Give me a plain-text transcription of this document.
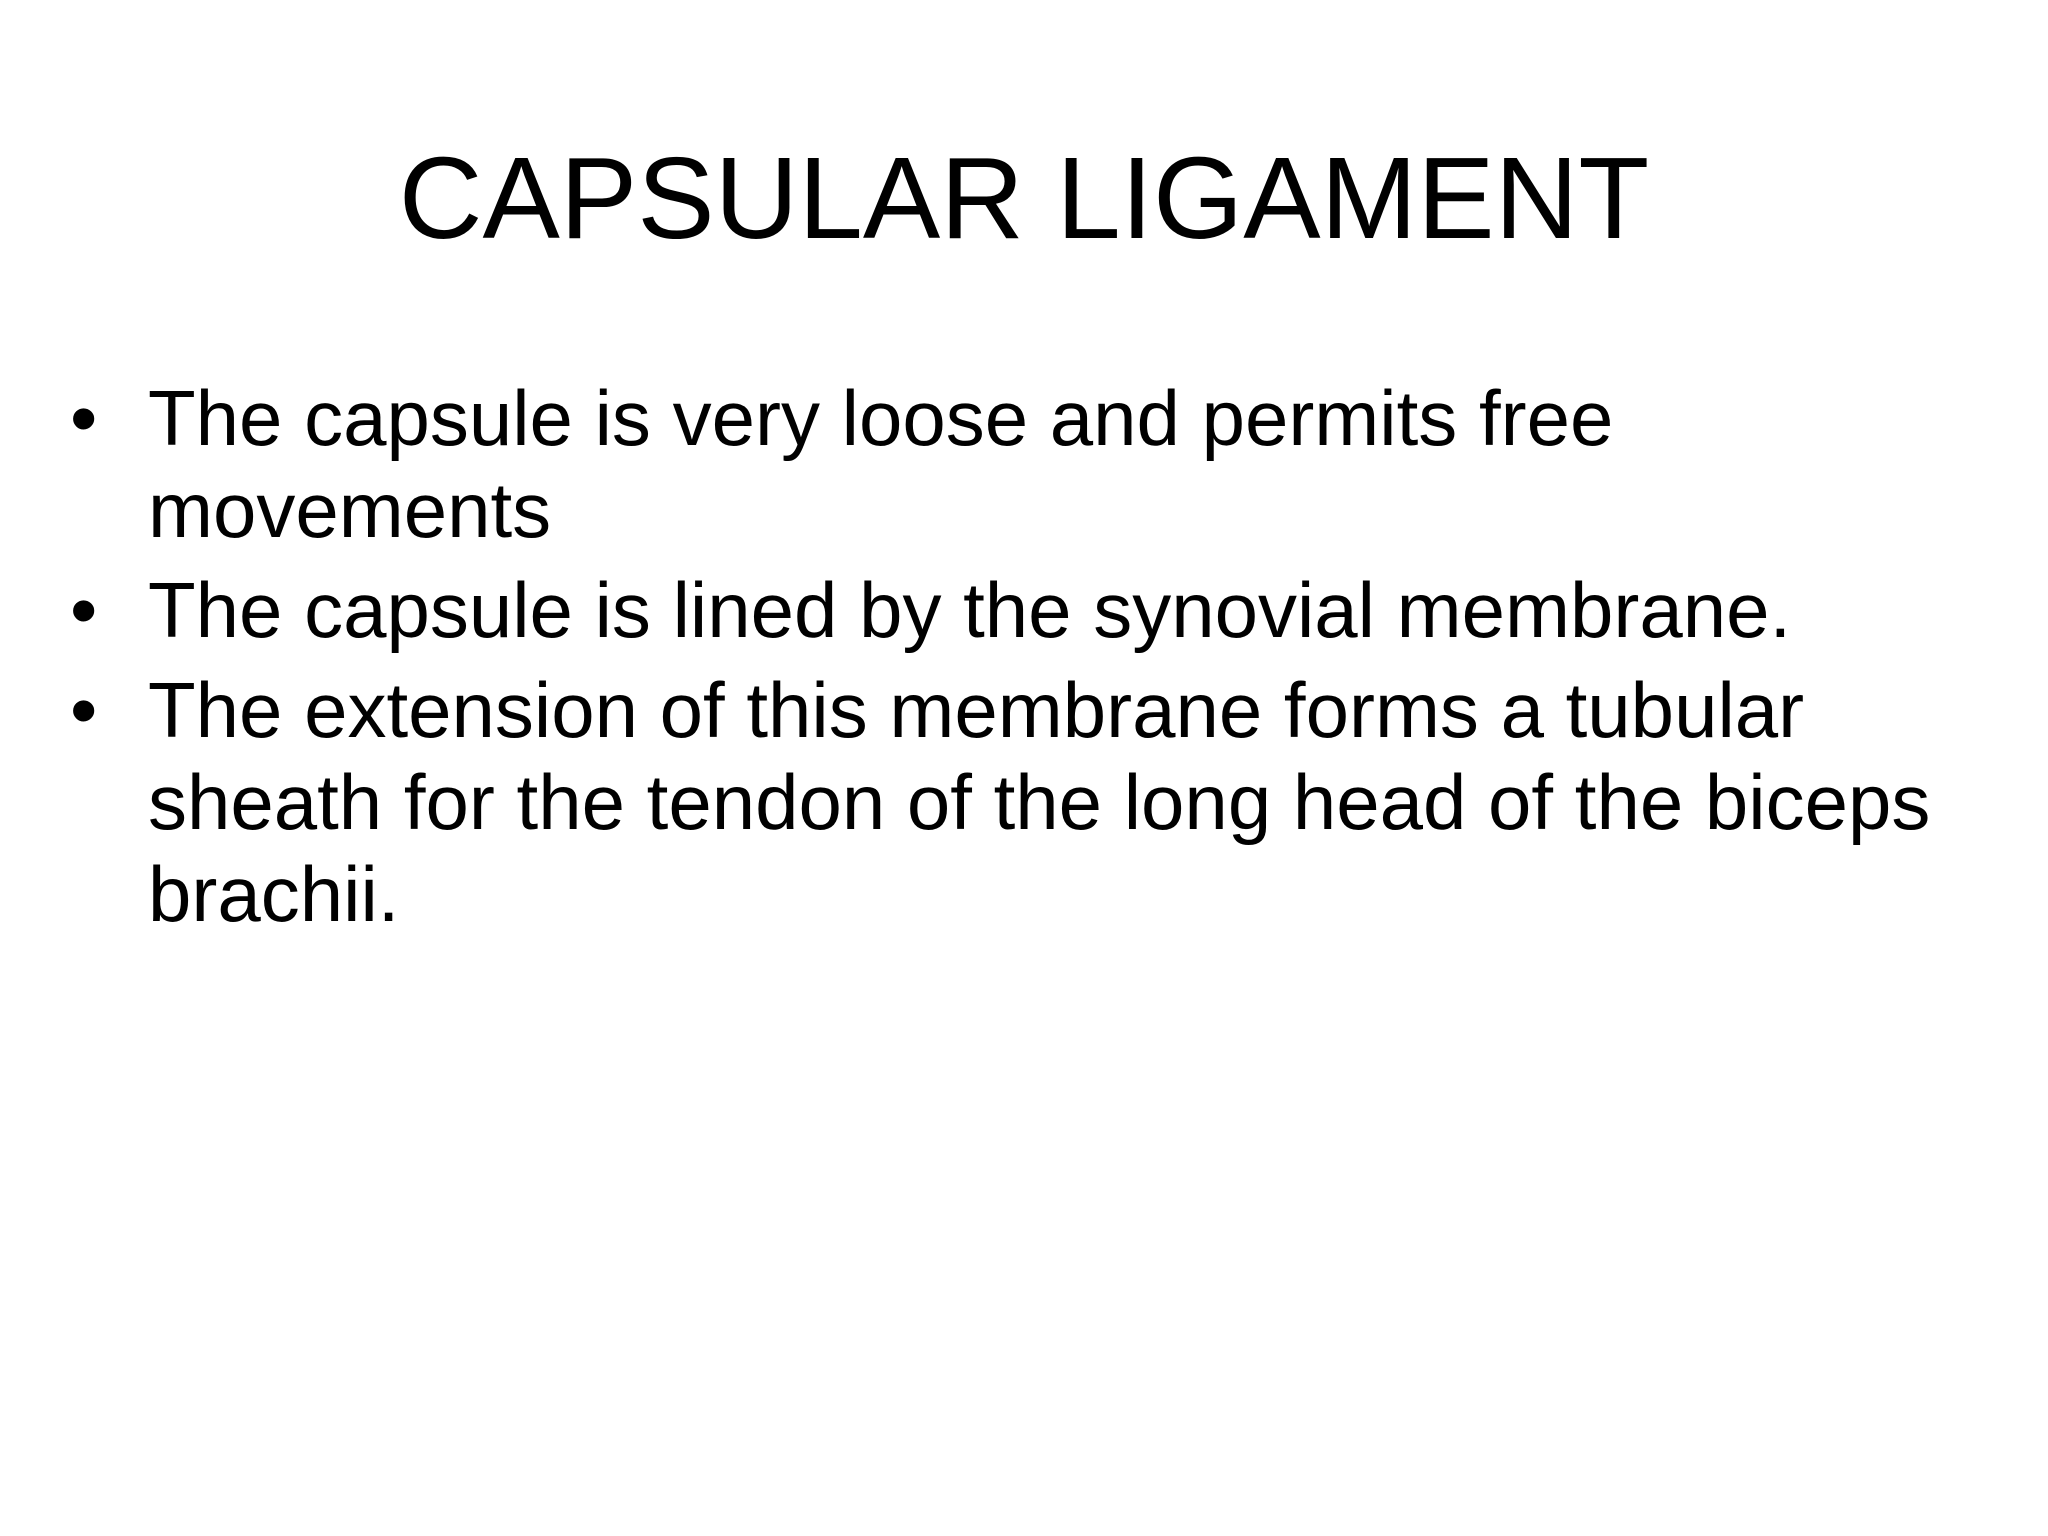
CAPSULAR LIGAMENT
• The capsule is very loose and permits free movements
• The capsule is lined by the synovial membrane.
• The extension of this membrane forms a tubular sheath for the tendon of the long head of the biceps brachii.
